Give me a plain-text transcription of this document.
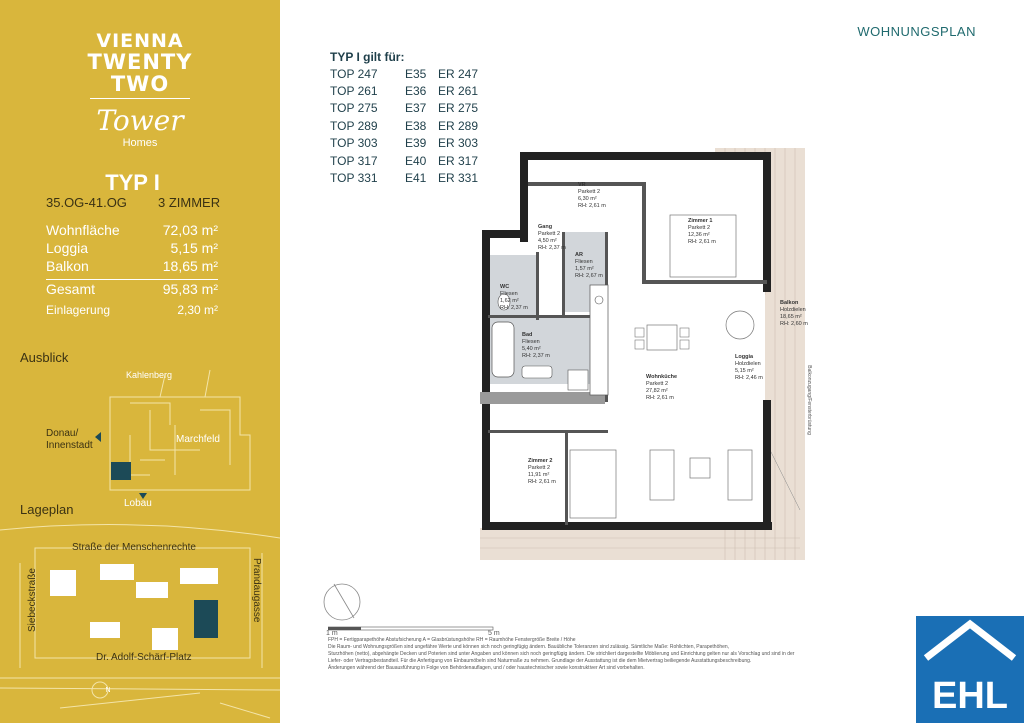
VIENNA
TWENTY
TWO
Tower
Homes
TYP I
35.OG-41.OG 3 ZIMMER
Wohnfläche	72,03 m²
Loggia	5,15 m²
Balkon	18,65 m²
Gesamt	95,83 m²
Einlagerung	2,30 m²
Ausblick
Kahlenberg
Donau/ Innenstadt
Marchfeld
Lobau
Lageplan
N
Straße der Menschenrechte
Siebeckstraße	Prandaugasse
Dr. Adolf-Schärf-Platz
WOHNUNGSPLAN
TYP I gilt für:
TOP 247 E35 ER 247
TOP 261 E36 ER 261
TOP 275 E37 ER 275
TOP 289 E38 ER 289
TOP 303 E39 ER 303
TOP 317 E40 ER 317
TOP 331 E41 ER 331	VR
Parkett 2
6,30 m²
RH: 2,61 m
Zimmer 1
Parkett 2
12,36 m²
RH: 2,61 m
Gang
Parkett 2
4,50 m²
RH: 2,37 m
AR
Fliesen
1,57 m²
RH: 2,67 m
WC
Fliesen
1,62 m²
RH: 2,37 m
Bad
Fliesen
5,40 m²
RH: 2,37 m
Balkon
Holzdielen
18,65 m²
RH: 2,60 m
Loggia
Holzdielen
5,15 m²
RH: 2,46 m
Wohnküche
Parkett 2
27,82 m²
RH: 2,61 m
Zimmer 2
Parkett 2
11,91 m²
RH: 2,61 m
Balkonzugang/Fensterbrüstung
1 m	5 m
FPH = Fertigparapethöhe Abstufsicherung A = Glasbrüstungshöhe RH = Raumhöhe Fenstergröße Breite / Höhe
Die Raum- und Wohnungsgrößen sind ungefähre Werte und können sich noch geringfügig ändern. Bauübliche Toleranzen sind zulässig. Sämtliche Maße: Rohlichten, Parapethöhen,
Sturzhöhen (netto), abgehängte Decken und Poterien sind unter Angaben und können sich noch geringfügig ändern. Die strichliert dargestellte Möblierung und Einrichtung gelten nur als Vorschlag und sind in der
Liefer- oder Vertragsbestandteil. Für die Anfertigung von Einbaumöbeln sind Naturmaße zu nehmen. Grundlage der Ausstattung ist die dem Mietvertrag beiliegende Ausstattungsbeschreibung.
Änderungen während der Bauausführung in Folge von Behördenauflagen, und / oder haustechnischer sowie konstruktiver Art sind vorbehalten.
EHL
